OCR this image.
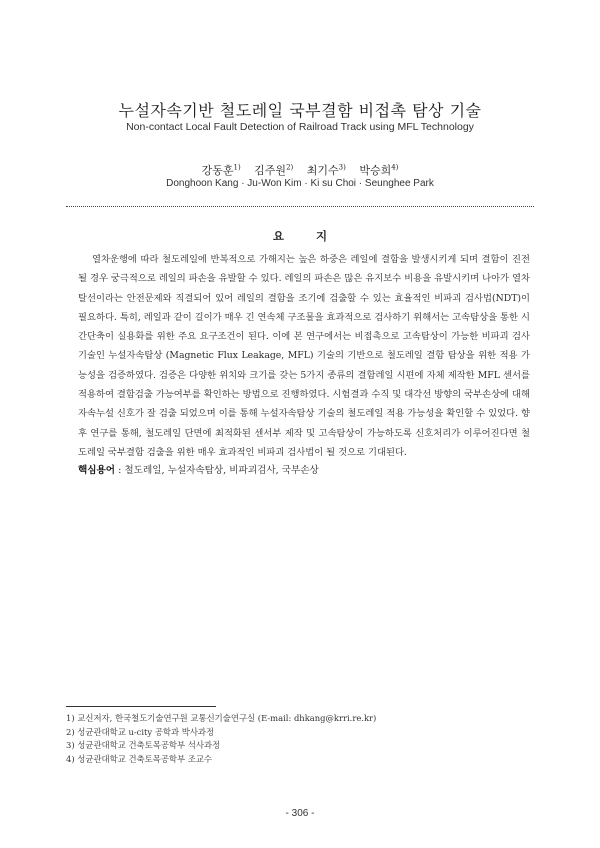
누설자속기반 철도레일 국부결함 비접촉 탐상 기술
Non-contact Local Fault Detection of Railroad Track using MFL Technology
강동훈$^{1)}$ 김주원$^{2)}$ 최기수$^{3)}$ 박승희$^{4)}$
Donghoon Kang · Ju-Won Kim · Ki su Choi · Seunghee Park
요 지

열차운행에 따라 철도레일에 반복적으로 가해지는 높은 하중은 레일에 결함을 발생시키게 되며 결함이 진전될 경우 궁극적으로 레일의 파손을 유발할 수 있다. 레일의 파손은 많은 유지보수 비용을 유발시키며 나아가 열차탈선이라는 안전문제와 직결되어 있어 레일의 결함을 조기에 검출할 수 있는 효율적인 비파괴 검사법(NDT)이 필요하다. 특히, 레일과 같이 길이가 매우 긴 연속체 구조물을 효과적으로 검사하기 위해서는 고속탐상을 통한 시간단축이 실용화를 위한 주요 요구조건이 된다. 이에 본 연구에서는 비접촉으로 고속탐상이 가능한 비파괴 검사기술인 누설자속탐상 (Magnetic Flux Leakage, MFL) 기술의 기반으로 철도레일 결함 탐상을 위한 적용 가능성을 검증하였다. 검증은 다양한 위치와 크기를 갖는 5가지 종류의 결함레일 시편에 자체 제작한 MFL 센서를 적용하여 결함검출 가능여부를 확인하는 방법으로 진행하였다. 시험결과 수직 및 대각선 방향의 국부손상에 대해 자속누설 신호가 잘 검출 되었으며 이를 통해 누설자속탐상 기술의 철도레일 적용 가능성을 확인할 수 있었다. 향후 연구를 통해, 철도레일 단면에 최적화된 센서부 제작 및 고속탐상이 가능하도록 신호처리가 이루어진다면 철도레일 국부결함 검출을 위한 매우 효과적인 비파괴 검사법이 될 것으로 기대된다.

핵심용어 : 철도레일, 누설자속탐상, 비파괴검사, 국부손상
1) 교신저자, 한국철도기술연구원 교통신기술연구실 (E-mail: dhkang@krri.re.kr)
2) 성균관대학교 u-city 공학과 박사과정
3) 성균관대학교 건축토목공학부 석사과정
4) 성균관대학교 건축토목공학부 조교수
- 306 -
